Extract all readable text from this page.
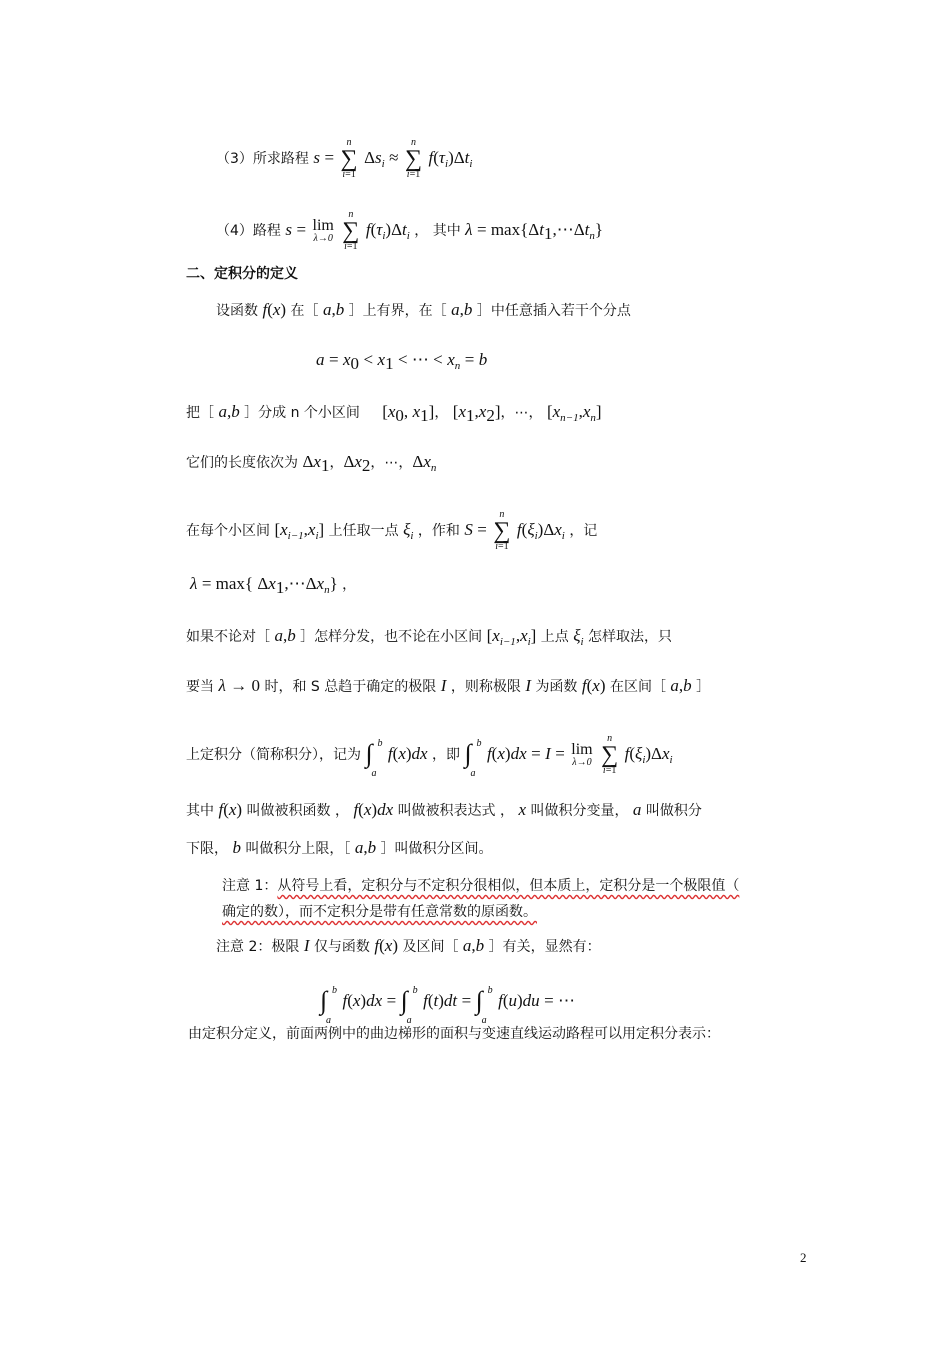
（3）所求路程 s =
n
∑
i=1
$\Delta s_i$ ≈
n
∑
i=1
$f(\tau_i)\Delta t_i$
（4）路程 s = lim
λ→0

n
∑
i=1
$f(\tau_i)\Delta t_i$ ， 其中 $\lambda = \max\{\Delta t_1,\cdots\Delta t_n\}$
二、定积分的定义
设函数 f(x) 在［ a,b ］上有界，在［ a,b ］中任意插入若干个分点
$a = x_0 < x_1$ < ⋯ < $x_n = b$
把［ a,b ］分成 n 个小区间 [$x_0$, $x_1$]， $[x_1,x_2]$，⋯， $[x_{n-1},x_n]$
它们的长度依次为 $\Delta x_1$，$\Delta x_2$，⋯，$\Delta x_n$
在每个小区间 $[x_{i-1},x_i]$ 上任取一点 $\xi_i$ ，作和 S =
n
∑
i=1
$f(\xi_i)\Delta x_i$ ，记
λ = max{ $\Delta x_1,\cdots\Delta x_n$} ，
如果不论对［ a,b ］怎样分发，也不论在小区间 $[x_{i-1},x_i]$ 上点 $\xi_i$ 怎样取法，只
要当 λ → 0 时，和 S 总趋于确定的极限 I ，则称极限 I 为函数 f(x) 在区间［ a,b ］
上定积分（简称积分），记为 ∫ b
a
f(x)dx ，即 ∫ b
a
f(x)dx = I = lim
λ→0

n
∑
i=1
$f(\xi_i)\Delta x_i$
其中 f(x) 叫做被积函数 ， f(x)dx 叫做被积表达式 ， x 叫做积分变量， a 叫做积分
下限， b 叫做积分上限，［ a,b ］叫做积分区间。
注意 1：从符号上看，定积分与不定积分很相似，但本质上，定积分是一个极限值（
确定的数），而不定积分是带有任意常数的原函数。
注意 2：极限 I 仅与函数 f(x) 及区间［ a,b ］有关，显然有：
∫ b
a
f(x)dx = ∫ b
a
f(t)dt = ∫ b
a
f(u)du = ⋯
由定积分定义，前面两例中的曲边梯形的面积与变速直线运动路程可以用定积分表示：
2
